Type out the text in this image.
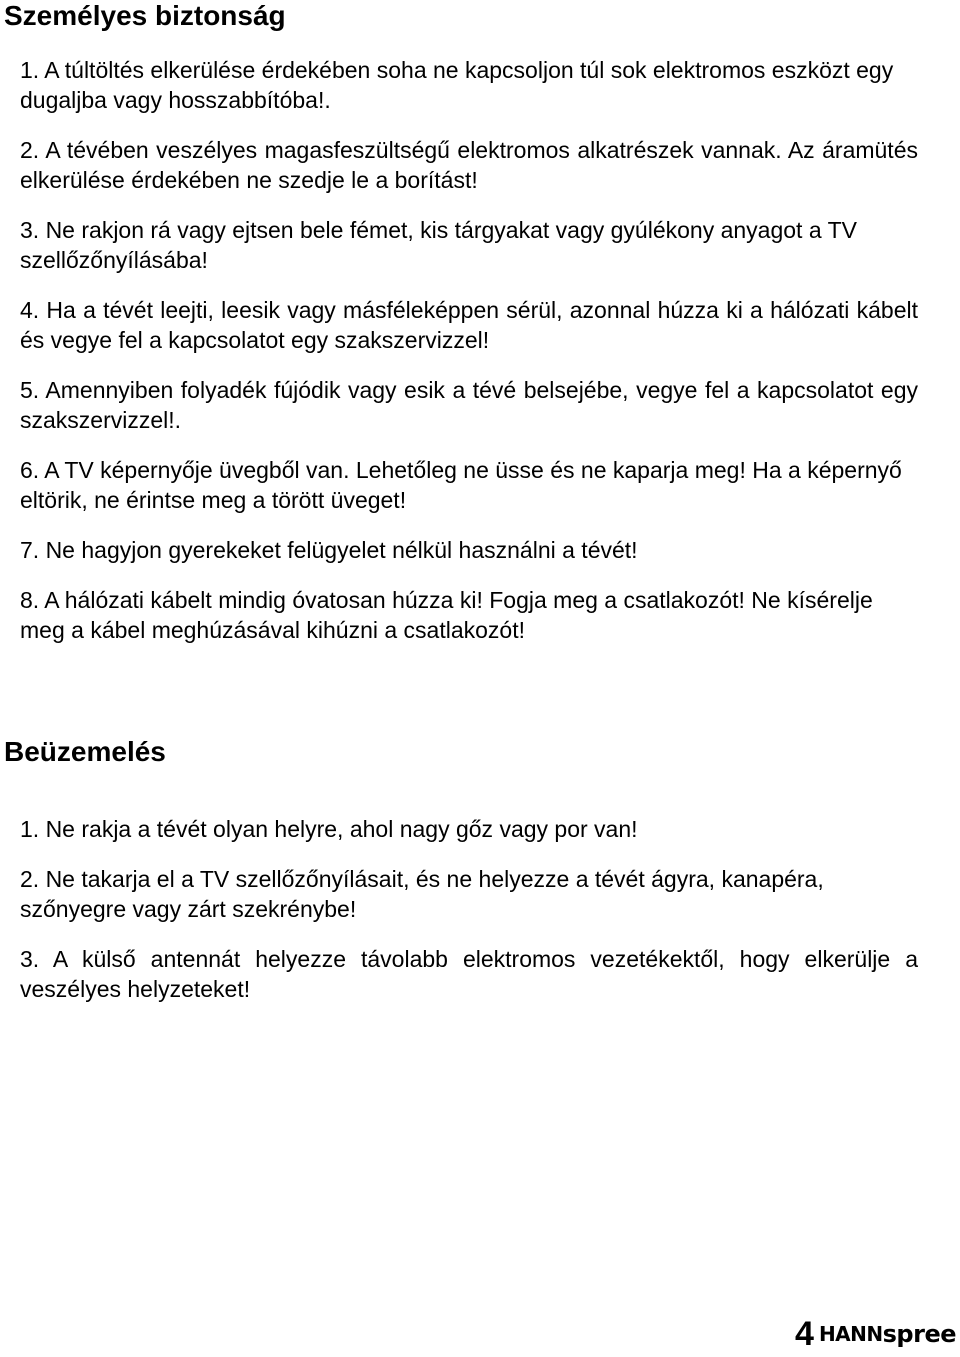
Személyes biztonság
1. A túltöltés elkerülése érdekében soha ne kapcsoljon túl sok elektromos eszközt egy dugaljba vagy hosszabbítóba!.
2. A tévében veszélyes magasfeszültségű elektromos alkatrészek vannak. Az áramütés elkerülése érdekében ne szedje le a borítást!
3. Ne rakjon rá vagy ejtsen bele fémet, kis tárgyakat vagy gyúlékony anyagot a TV szellőzőnyílásába!
4. Ha a tévét leejti, leesik vagy másféleképpen sérül, azonnal húzza ki a hálózati kábelt és vegye fel a kapcsolatot egy szakszervizzel!
5. Amennyiben folyadék fújódik vagy esik a tévé belsejébe, vegye fel a kapcsolatot egy szakszervizzel!.
6. A TV képernyője üvegből van. Lehetőleg ne üsse és ne kaparja meg! Ha a képernyő eltörik, ne érintse meg a törött üveget!
7. Ne hagyjon gyerekeket felügyelet nélkül használni a tévét!
8. A hálózati kábelt mindig óvatosan húzza ki! Fogja meg a csatlakozót! Ne kísérelje meg a kábel meghúzásával kihúzni a csatlakozót!
Beüzemelés
1. Ne rakja a tévét olyan helyre, ahol nagy gőz vagy por van!
2. Ne takarja el a TV szellőzőnyílásait, és ne helyezze a tévét ágyra, kanapéra, szőnyegre vagy zárt szekrénybe!
3. A külső antennát helyezze távolabb elektromos vezetékektől, hogy elkerülje a veszélyes helyzeteket!
4 HANNspree
